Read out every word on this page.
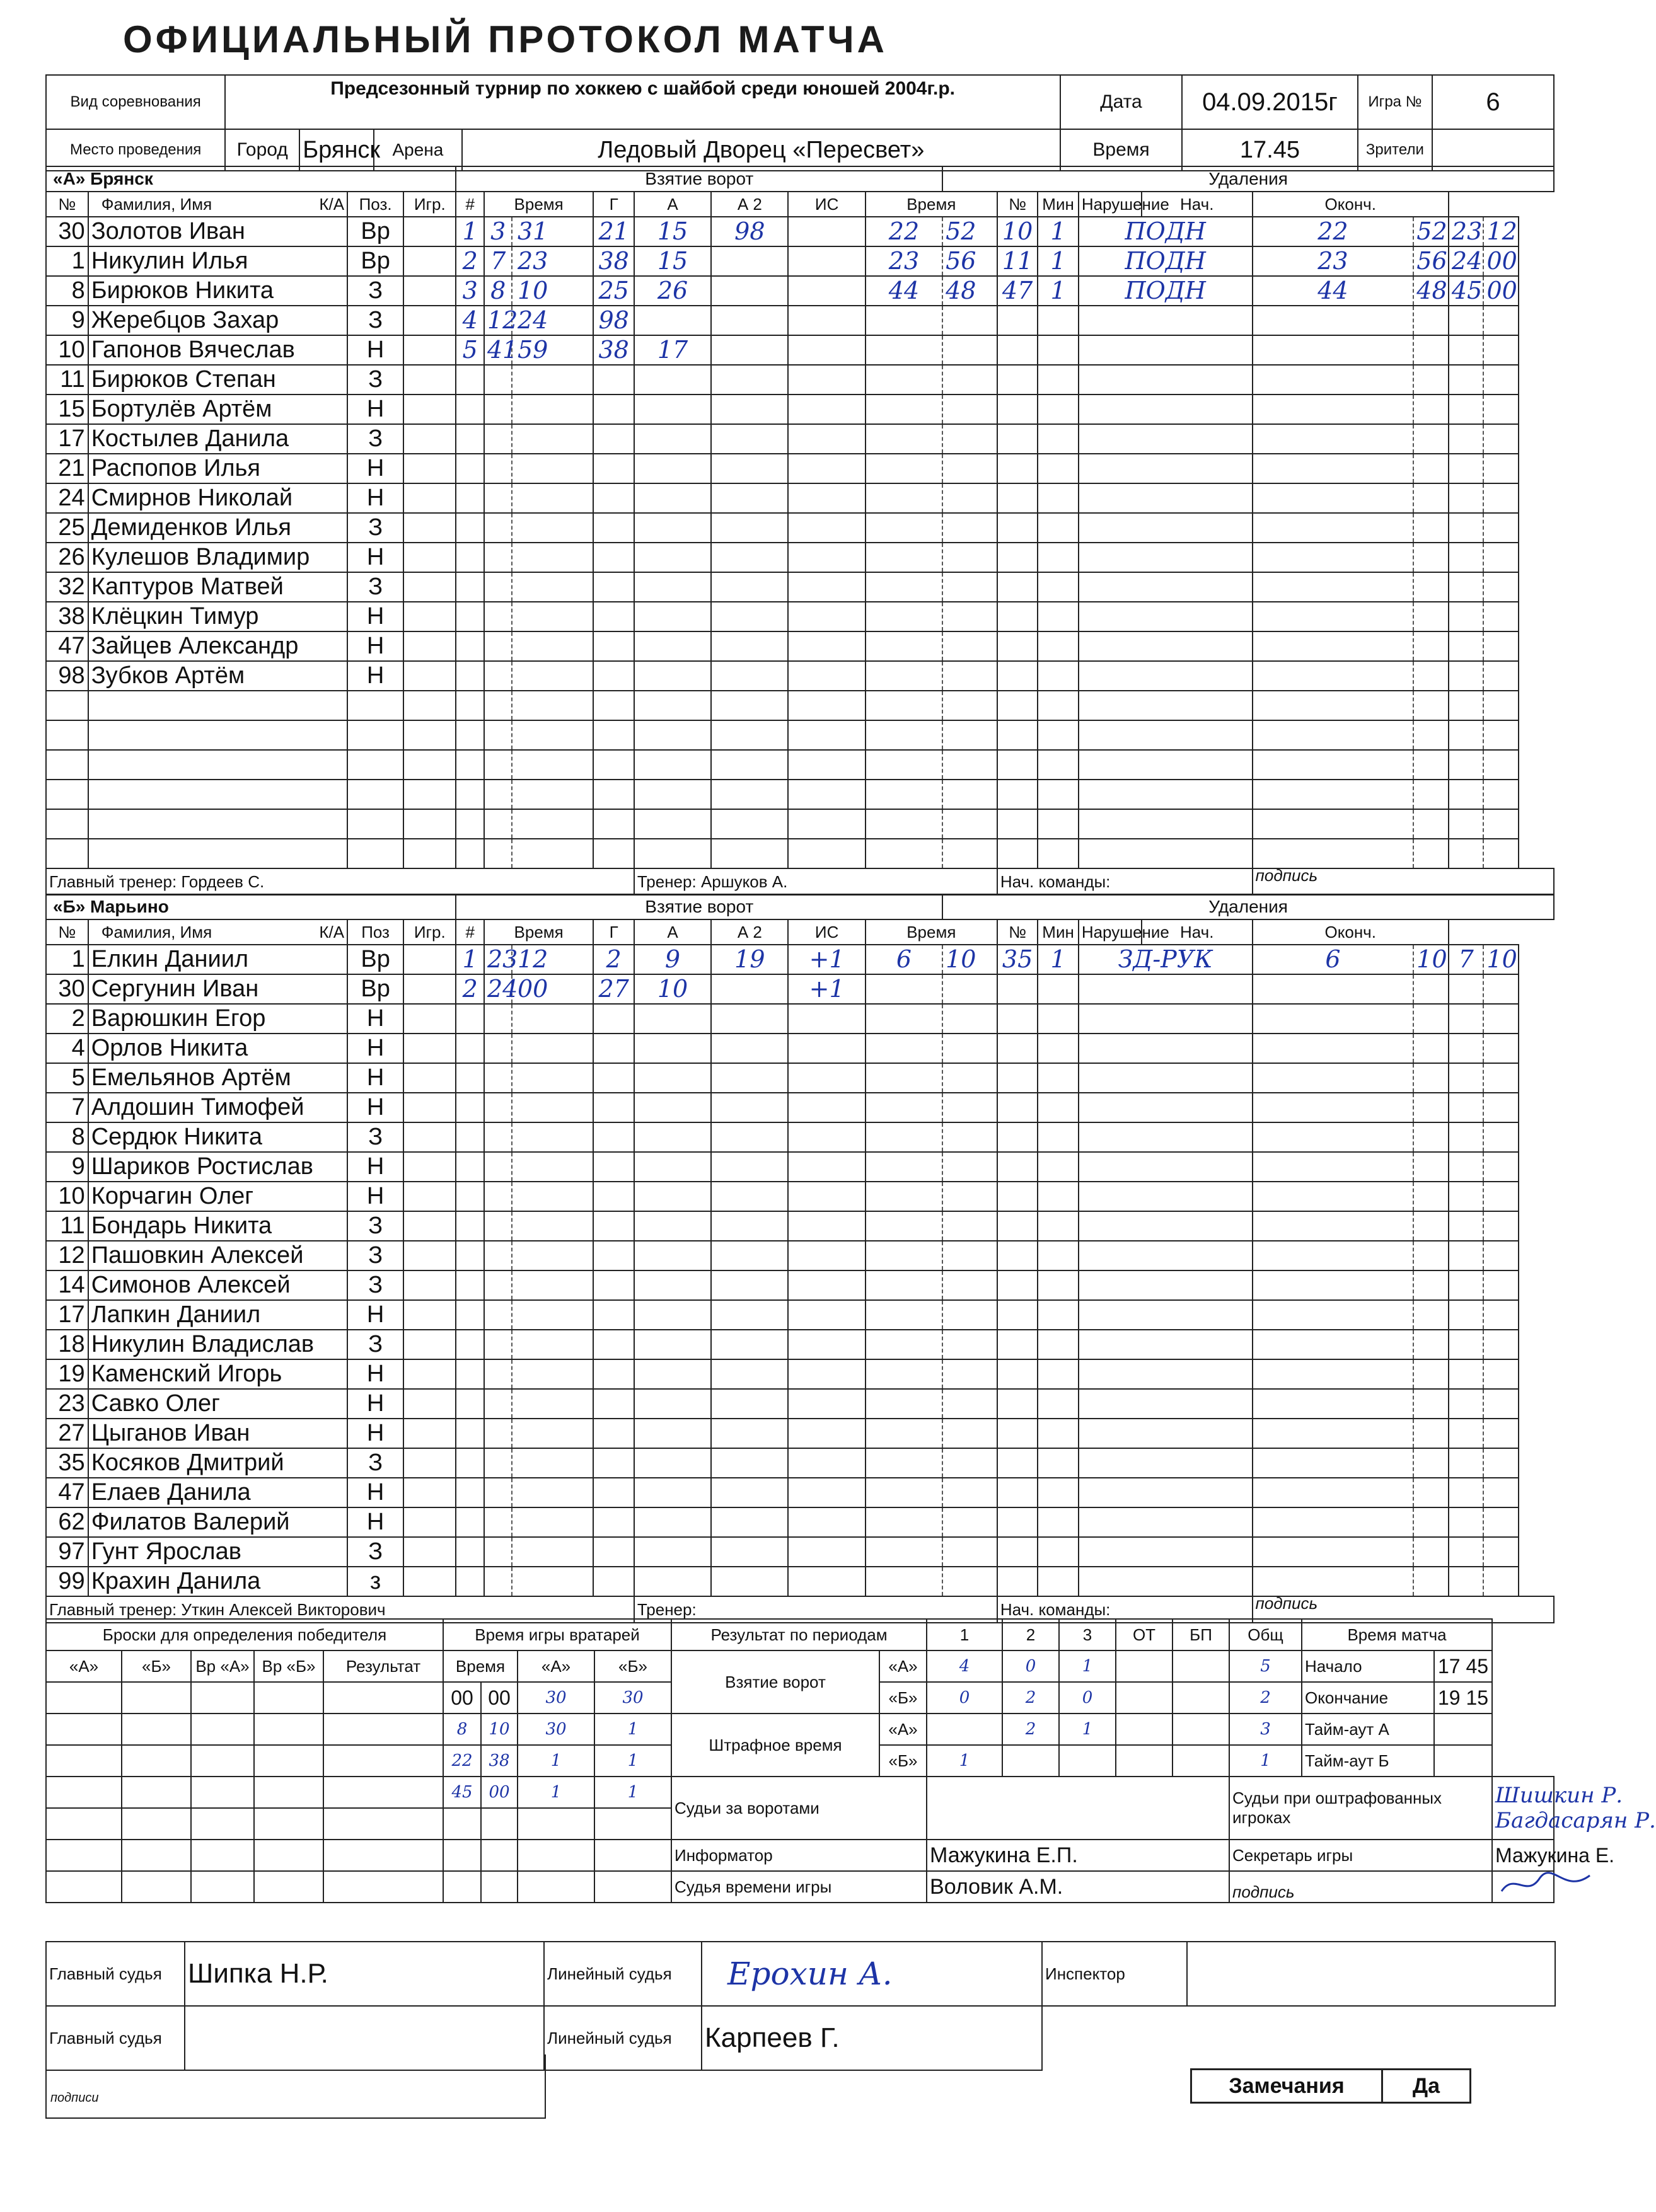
ОФИЦИАЛЬНЫЙ ПРОТОКОЛ МАТЧА
Вид соревнования	Предсезонный турнир по хоккею с шайбой среди юношей 2004г.р.				Дата	04.09.2015г	Игра №	6
Место проведения	Город	Брянск	Арена	Ледовый Дворец «Пересвет»	Время	17.45	Зрители	
«А» Брянск					Взятие ворот									Удаления									
№	Фамилия, Имя	К/А	Поз.	Игр.	#	Время			Г	А	А 2	ИС	Время			№	Мин	Нарушение	Нач.	Оконч.			
30	Золотов Иван		Вр		1	3	31		21	15	98		22	52		10	1	ПОДН		22	52	23	12
1	Никулин Илья		Вр		2	7	23		38	15			23	56		11	1	ПОДН		23	56	24	00
8	Бирюков Никита		З		3	8	10		25	26			44	48		47	1	ПОДН		44	48	45	00
9	Жеребцов Захар		З		4	12	24		98														
10	Гапонов Вячеслав		Н		5	41	59		38	17													
11	Бирюков Степан		З																				
15	Бортулёв Артём		Н																				
17	Костылев Данила		З																				
21	Распопов Илья		Н																				
24	Смирнов Николай		Н																				
25	Демиденков Илья		З																				
26	Кулешов Владимир		Н																				
32	Каптуров Матвей		З																				
38	Клёцкин Тимур		Н																				
47	Зайцев Александр		Н																				
98	Зубков Артём		Н																				

Главный тренер: Гордеев С.										Тренер: Аршуков А.						Нач. команды:				подпись			
«Б» Марьино					Взятие ворот									Удаления									
№	Фамилия, Имя	К/А	Поз	Игр.	#	Время			Г	А	А 2	ИС	Время			№	Мин	Нарушение	Нач.	Оконч.			
1	Елкин Даниил		Вр		1	23	12		2	9	19	+1	6	10		35	1	ЗД-РУК		6	10	7	10
30	Сергунин Иван		Вр		2	24	00		27	10		+1											
2	Варюшкин Егор		Н																				
4	Орлов Никита		Н																				
5	Емельянов Артём		Н																				
7	Алдошин Тимофей		Н																				
8	Сердюк Никита		З																				
9	Шариков Ростислав		Н																				
10	Корчагин Олег		Н																				
11	Бондарь Никита		З																				
12	Пашовкин Алексей		З																				
14	Симонов Алексей		З																				
17	Лапкин Даниил		Н																				
18	Никулин Владислав		З																				
19	Каменский Игорь		Н																				
23	Савко Олег		Н																				
27	Цыганов Иван		Н																				
35	Косяков Дмитрий		З																				
47	Елаев Данила		Н																				
62	Филатов Валерий		Н																				
97	Гунт Ярослав		З																				
99	Крахин Данила		з																				
Главный тренер: Уткин Алексей Викторович										Тренер:						Нач. команды:				подпись			
Броски для определения победителя					Время игры вратарей				Результат по периодам		1	2	3	ОТ	БП	Общ	Время матча		
«А»	«Б»	Вр «А»	Вр «Б»	Результат	Время		«А»	«Б»	Взятие ворот	«А»	4	0	1			5	Начало	17 45	
					00	00	30	30		«Б»	0	2	0			2	Окончание	19 15	
					8	10	30	1	Штрафное время	«А»		2	1			3	Тайм-аут А		
					22	38	1	1		«Б»	1					1	Тайм-аут Б		
					45	00	1	1	Судьи за воротами							Судьи при оштрафованных игроках			Шишкин Р.
Багдасарян Р.

									Информатор		Мажукина Е.П.					Секретарь игры			Мажукина Е.
									Судья времени игры		Воловик А.М.					подпись	
Главный судья	Шипка Н.Р.	Линейный судья	Ерохин А.	Инспектор	
Главный судья		Линейный судья	Карпеев Г.		
подписи
Замечания	Да
